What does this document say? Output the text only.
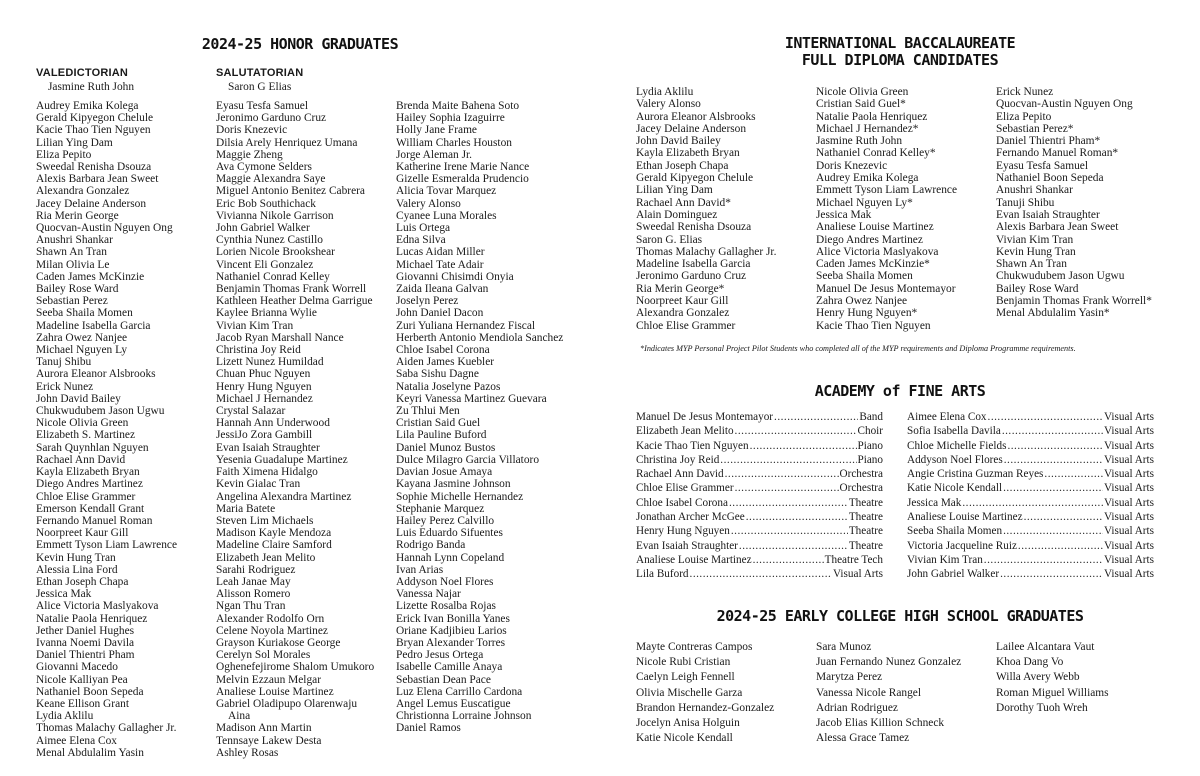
2024-25 HONOR GRADUATES
VALEDICTORIAN
Jasmine Ruth John
Audrey Emika Kolega
Gerald Kipyegon Chelule
Kacie Thao Tien Nguyen
Lilian Ying Dam
Eliza Pepito
Sweedal Renisha Dsouza
Alexis Barbara Jean Sweet
Alexandra Gonzalez
Jacey Delaine Anderson
Ria Merin George
Quocvan-Austin Nguyen Ong
Anushri Shankar
Shawn An Tran
Milan Olivia Le
Caden James McKinzie
Bailey Rose Ward
Sebastian Perez
Seeba Shaila Momen
Madeline Isabella Garcia
Zahra Owez Nanjee
Michael Nguyen Ly
Tanuj Shibu
Aurora Eleanor Alsbrooks
Erick Nunez
John David Bailey
Chukwudubem Jason Ugwu
Nicole Olivia Green
Elizabeth S. Martinez
Sarah Quynhlan Nguyen
Rachael Ann David
Kayla Elizabeth Bryan
Diego Andres Martinez
Chloe Elise Grammer
Emerson Kendall Grant
Fernando Manuel Roman
Noorpreet Kaur Gill
Emmett Tyson Liam Lawrence
Kevin Hung Tran
Alessia Lina Ford
Ethan Joseph Chapa
Jessica Mak
Alice Victoria Maslyakova
Natalie Paola Henriquez
Jether Daniel Hughes
Ivanna Noemi Davila
Daniel Thientri Pham
Giovanni Macedo
Nicole Kalliyan Pea
Nathaniel Boon Sepeda
Keane Ellison Grant
Lydia Aklilu
Thomas Malachy Gallagher Jr.
Aimee Elena Cox
Menal Abdulalim Yasin
SALUTATORIAN
Saron G Elias
Eyasu Tesfa Samuel
Jeronimo Garduno Cruz
Doris Knezevic
Dilsia Arely Henriquez Umana
Maggie Zheng
Ava Cymone Selders
Maggie Alexandra Saye
Miguel Antonio Benitez Cabrera
Eric Bob Southichack
Vivianna Nikole Garrison
John Gabriel Walker
Cynthia Nunez Castillo
Lorien Nicole Brookshear
Vincent Eli Gonzalez
Nathaniel Conrad Kelley
Benjamin Thomas Frank Worrell
Kathleen Heather Delma Garrigue
Kaylee Brianna Wylie
Vivian Kim Tran
Jacob Ryan Marshall Nance
Christina Joy Reid
Lizett Nunez Humildad
Chuan Phuc Nguyen
Henry Hung Nguyen
Michael J Hernandez
Crystal Salazar
Hannah Ann Underwood
JessiJo Zora Gambill
Evan Isaiah Straughter
Yesenia Guadalupe Martinez
Faith Ximena Hidalgo
Kevin Gialac Tran
Angelina Alexandra Martinez
Maria Batete
Steven Lim Michaels
Madison Kayle Mendoza
Madeline Claire Samford
Elizabeth Jean Melito
Sarahi Rodriguez
Leah Janae May
Alisson Romero
Ngan Thu Tran
Alexander Rodolfo Orn
Celene Noyola Martinez
Grayson Kuriakose George
Cerelyn Sol Morales
Oghenefejirome Shalom Umukoro
Melvin Ezzaun Melgar
Analiese Louise Martinez
Gabriel Oladipupo Olarenwaju
Aina
Madison Ann Martin
Tennsaye Lakew Desta
Ashley Rosas
Brenda Maite Bahena Soto
Hailey Sophia Izaguirre
Holly Jane Frame
William Charles Houston
Jorge Aleman Jr.
Katherine Irene Marie Nance
Gizelle Esmeralda Prudencio
Alicia Tovar Marquez
Valery Alonso
Cyanee Luna Morales
Luis Ortega
Edna Silva
Lucas Aidan Miller
Michael Tate Adair
Giovanni Chisimdi Onyia
Zaida Ileana Galvan
Joselyn Perez
John Daniel Dacon
Zuri Yuliana Hernandez Fiscal
Herberth Antonio Mendiola Sanchez
Chloe Isabel Corona
Aiden James Kuebler
Saba Sishu Dagne
Natalia Joselyne Pazos
Keyri Vanessa Martinez Guevara
Zu Thlui Men
Cristian Said Guel
Lila Pauline Buford
Daniel Munoz Bustos
Dulce Milagro Garcia Villatoro
Davian Josue Amaya
Kayana Jasmine Johnson
Sophie Michelle Hernandez
Stephanie Marquez
Hailey Perez Calvillo
Luis Eduardo Sifuentes
Rodrigo Banda
Hannah Lynn Copeland
Ivan Arias
Addyson Noel Flores
Vanessa Najar
Lizette Rosalba Rojas
Erick Ivan Bonilla Yanes
Oriane Kadjibieu Larios
Bryan Alexander Torres
Pedro Jesus Ortega
Isabelle Camille Anaya
Sebastian Dean Pace
Luz Elena Carrillo Cardona
Angel Lemus Euscatigue
Christionna Lorraine Johnson
Daniel Ramos
INTERNATIONAL BACCALAUREATE
FULL DIPLOMA CANDIDATES
Lydia Aklilu
Valery Alonso
Aurora Eleanor Alsbrooks
Jacey Delaine Anderson
John David Bailey
Kayla Elizabeth Bryan
Ethan Joseph Chapa
Gerald Kipyegon Chelule
Lilian Ying Dam
Rachael Ann David*
Alain Dominguez
Sweedal Renisha Dsouza
Saron G. Elias
Thomas Malachy Gallagher Jr.
Madeline Isabella Garcia
Jeronimo Garduno Cruz
Ria Merin George*
Noorpreet Kaur Gill
Alexandra Gonzalez
Chloe Elise Grammer
Nicole Olivia Green
Cristian Said Guel*
Natalie Paola Henriquez
Michael J Hernandez*
Jasmine Ruth John
Nathaniel Conrad Kelley*
Doris Knezevic
Audrey Emika Kolega
Emmett Tyson Liam Lawrence
Michael Nguyen Ly*
Jessica Mak
Analiese Louise Martinez
Diego Andres Martinez
Alice Victoria Maslyakova
Caden James McKinzie*
Seeba Shaila Momen
Manuel De Jesus Montemayor
Zahra Owez Nanjee
Henry Hung Nguyen*
Kacie Thao Tien Nguyen
Erick Nunez
Quocvan-Austin Nguyen Ong
Eliza Pepito
Sebastian Perez*
Daniel Thientri Pham*
Fernando Manuel Roman*
Eyasu Tesfa Samuel
Nathaniel Boon Sepeda
Anushri Shankar
Tanuji Shibu
Evan Isaiah Straughter
Alexis Barbara Jean Sweet
Vivian Kim Tran
Kevin Hung Tran
Shawn An Tran
Chukwudubem Jason Ugwu
Bailey Rose Ward
Benjamin Thomas Frank Worrell*
Menal Abdulalim Yasin*
*Indicates MYP Personal Project Pilot Students who completed all of the MYP requirements and Diploma Programme requirements.
ACADEMY of FINE ARTS
Manuel De Jesus Montemayor .....	Band
Elizabeth Jean Melito .....	Choir
Kacie Thao Tien Nguyen .....	Piano
Christina Joy Reid .....	Piano
Rachael Ann David .....	Orchestra
Chloe Elise Grammer .....	Orchestra
Chloe Isabel Corona .....	Theatre
Jonathan Archer McGee .....	Theatre
Henry Hung Nguyen .....	Theatre
Evan Isaiah Straughter .....	Theatre
Analiese Louise Martinez .....	Theatre Tech
Lila Buford .....	Visual Arts
Aimee Elena Cox .....	Visual Arts
Sofia Isabella Davila .....	Visual Arts
Chloe Michelle Fields .....	Visual Arts
Addyson Noel Flores .....	Visual Arts
Angie Cristina Guzman Reyes .....	Visual Arts
Katie Nicole Kendall .....	Visual Arts
Jessica Mak .....	Visual Arts
Analiese Louise Martinez .....	Visual Arts
Seeba Shaila Momen .....	Visual Arts
Victoria Jacqueline Ruiz .....	Visual Arts
Vivian Kim Tran .....	Visual Arts
John Gabriel Walker .....	Visual Arts
2024-25 EARLY COLLEGE HIGH SCHOOL GRADUATES
Mayte Contreras Campos
Nicole Rubi Cristian
Caelyn Leigh Fennell
Olivia Mischelle Garza
Brandon Hernandez-Gonzalez
Jocelyn Anisa Holguin
Katie Nicole Kendall
Sara Munoz
Juan Fernando Nunez Gonzalez
Marytza Perez
Vanessa Nicole Rangel
Adrian Rodriguez
Jacob Elias Killion Schneck
Alessa Grace Tamez
Lailee Alcantara Vaut
Khoa Dang Vo
Willa Avery Webb
Roman Miguel Williams
Dorothy Tuoh Wreh
